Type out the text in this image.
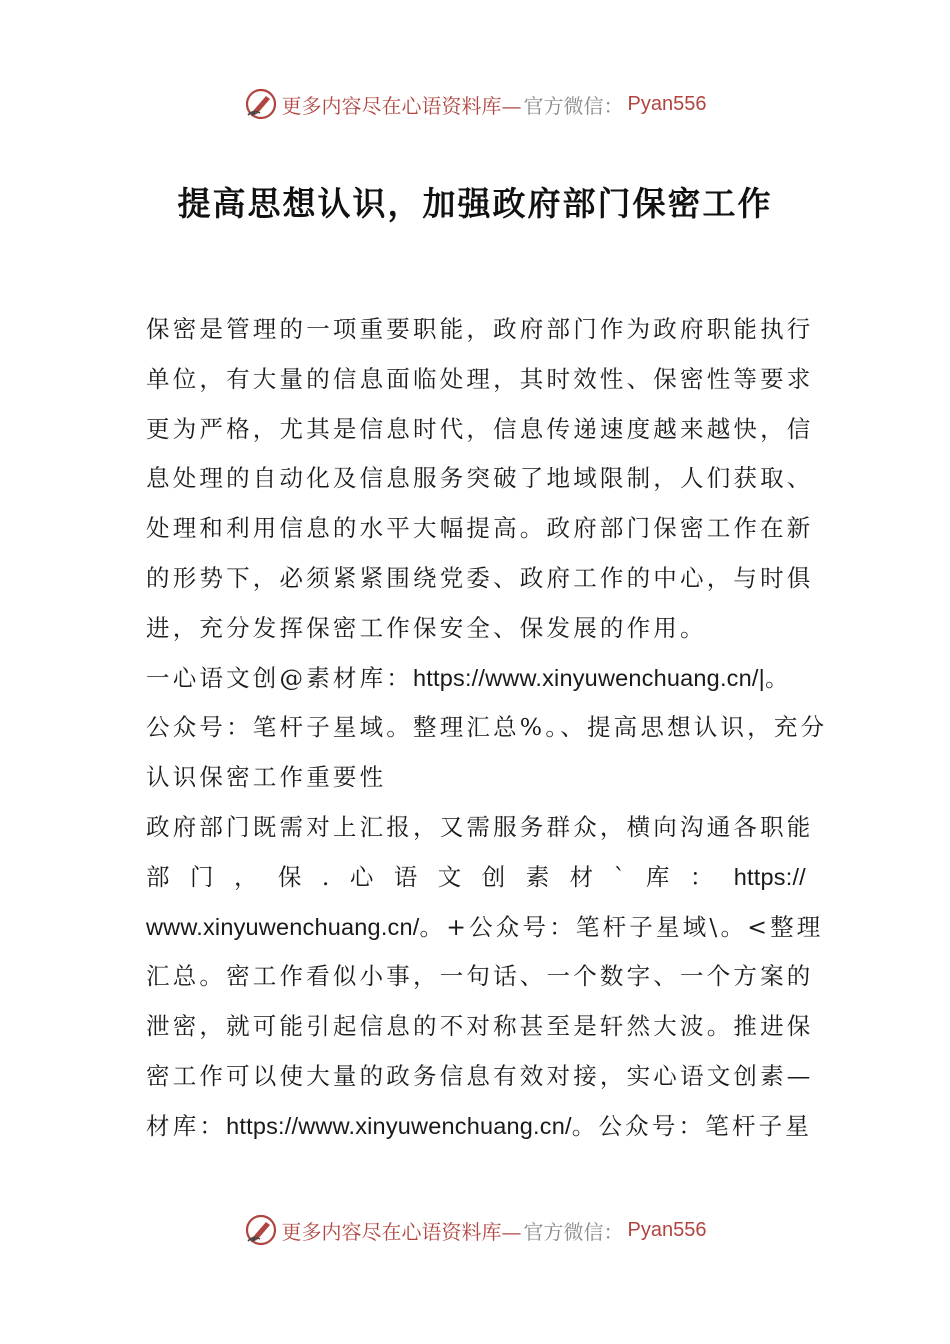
更多内容尽在心语资料库— 官方微信： Pyan556
提高思想认识，加强政府部门保密工作
保密是管理的一项重要职能，政府部门作为政府职能执行
单位，有大量的信息面临处理，其时效性、保密性等要求
更为严格，尤其是信息时代，信息传递速度越来越快，信
息处理的自动化及信息服务突破了地域限制，人们获取、
处理和利用信息的水平大幅提高。政府部门保密工作在新
的形势下，必须紧紧围绕党委、政府工作的中心，与时俱
进，充分发挥保密工作保安全、保发展的作用。
一心语文创@素材库：https://www.xinyuwenchuang.cn/|。
公众号：笔杆子星域。整理汇总%。、提高思想认识，充分
认识保密工作重要性
政府部门既需对上汇报，又需服务群众，横向沟通各职能
部 门 ， 保 . 心 语 文 创 素 材 ` 库 ： https://
www.xinyuwenchuang.cn/。+公众号：笔杆子星域\。<整理
汇总。密工作看似小事，一句话、一个数字、一个方案的
泄密，就可能引起信息的不对称甚至是轩然大波。推进保
密工作可以使大量的政务信息有效对接，实心语文创素—
材库：https://www.xinyuwenchuang.cn/。公众号：笔杆子星
更多内容尽在心语资料库— 官方微信： Pyan556
